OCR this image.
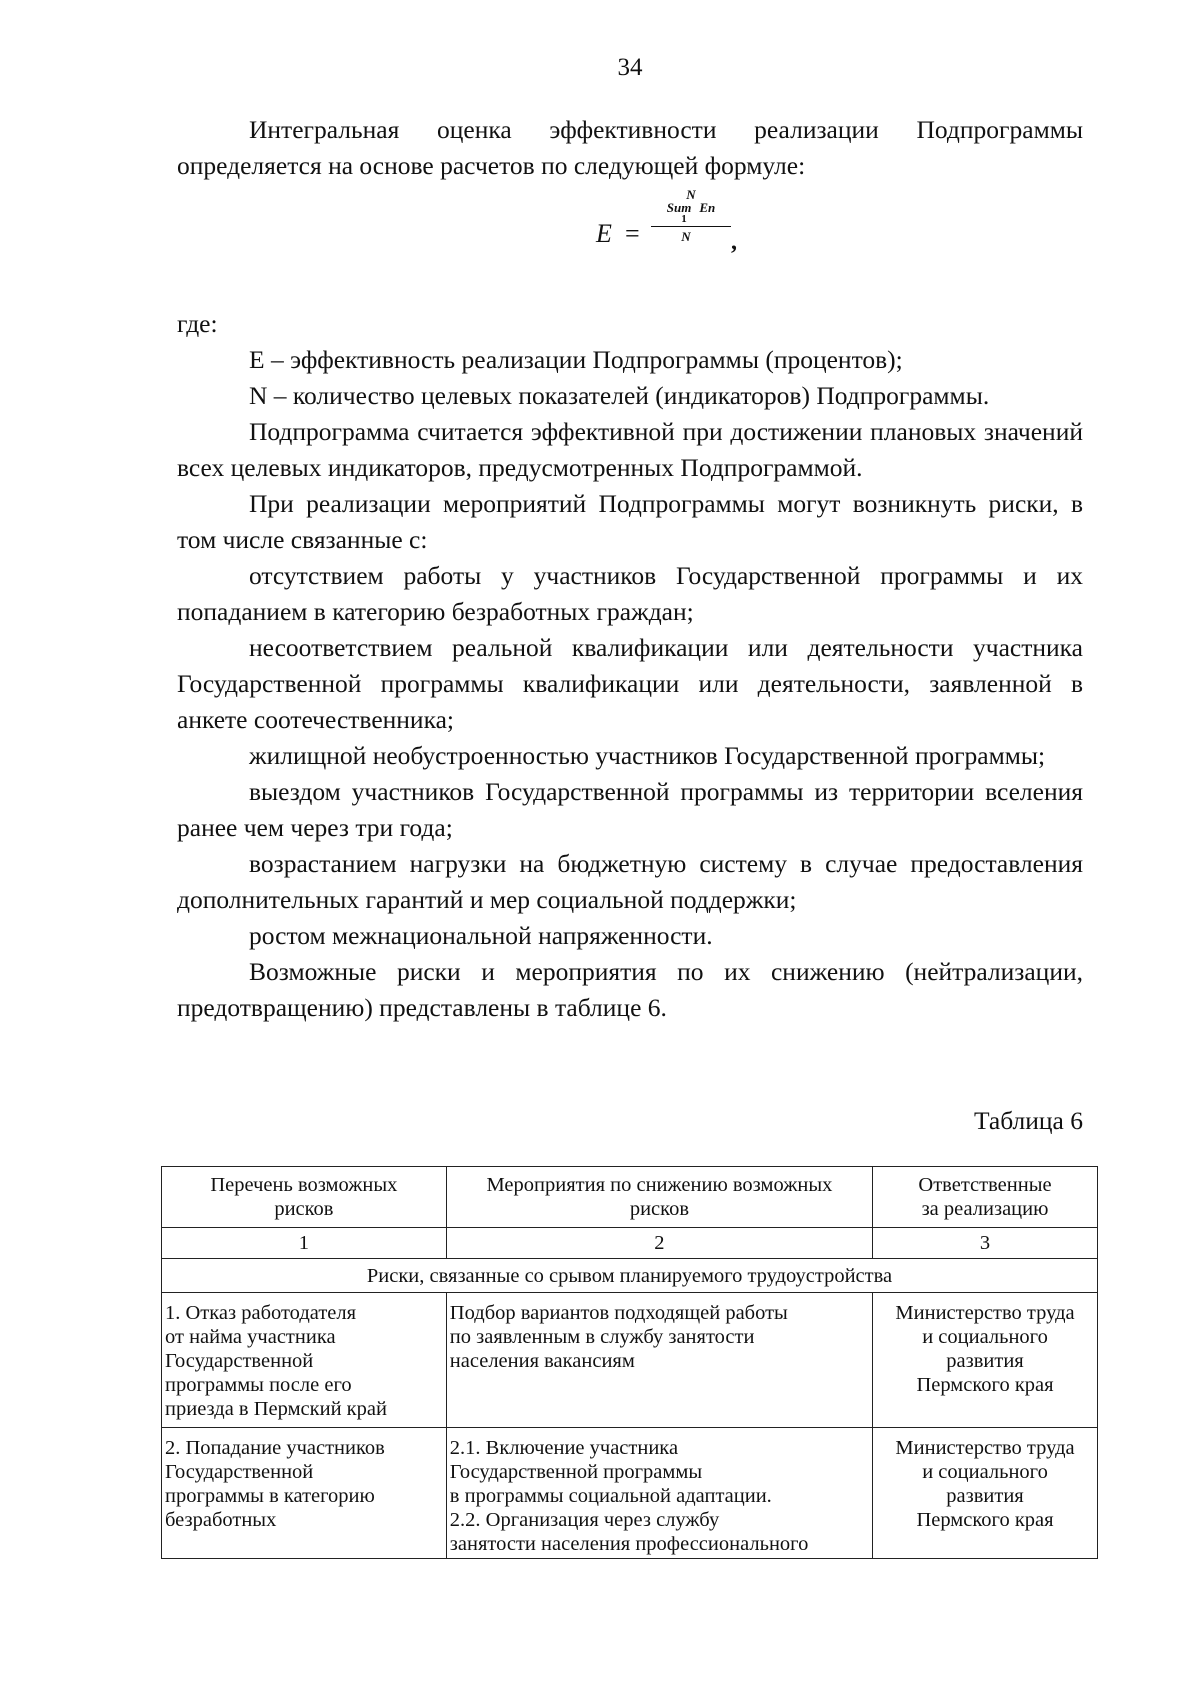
34

Интегральная оценка эффективности реализации Подпрограммы определяется на основе расчетов по следующей формуле:

E =
N
Sum En
1
N	,

где:

E – эффективность реализации Подпрограммы (процентов);

N – количество целевых показателей (индикаторов) Подпрограммы.

Подпрограмма считается эффективной при достижении плановых значений всех целевых индикаторов, предусмотренных Подпрограммой.

При реализации мероприятий Подпрограммы могут возникнуть риски, в том числе связанные с:

отсутствием работы у участников Государственной программы и их попаданием в категорию безработных граждан;

несоответствием реальной квалификации или деятельности участника Государственной программы квалификации или деятельности, заявленной в анкете соотечественника;

жилищной необустроенностью участников Государственной программы;

выездом участников Государственной программы из территории вселения ранее чем через три года;

возрастанием нагрузки на бюджетную систему в случае предоставления дополнительных гарантий и мер социальной поддержки;

ростом межнациональной напряженности.

Возможные риски и мероприятия по их снижению (нейтрализации, предотвращению) представлены в таблице 6.

Таблица 6
Перечень возможных
рисков	Мероприятия по снижению возможных
рисков	Ответственные
за реализацию

1	2	3
Риски, связанные со срывом планируемого трудоустройства		

1. Отказ работодателя
от найма участника
Государственной
программы после его
приезда в Пермский край	Подбор вариантов подходящей работы
по заявленным в службу занятости
населения вакансиям	Министерство труда
и социального
развития
Пермского края

2. Попадание участников
Государственной
программы в категорию
безработных	2.1. Включение участника
Государственной программы
в программы социальной адаптации.
2.2. Организация через службу
занятости населения профессионального	Министерство труда
и социального
развития
Пермского края
